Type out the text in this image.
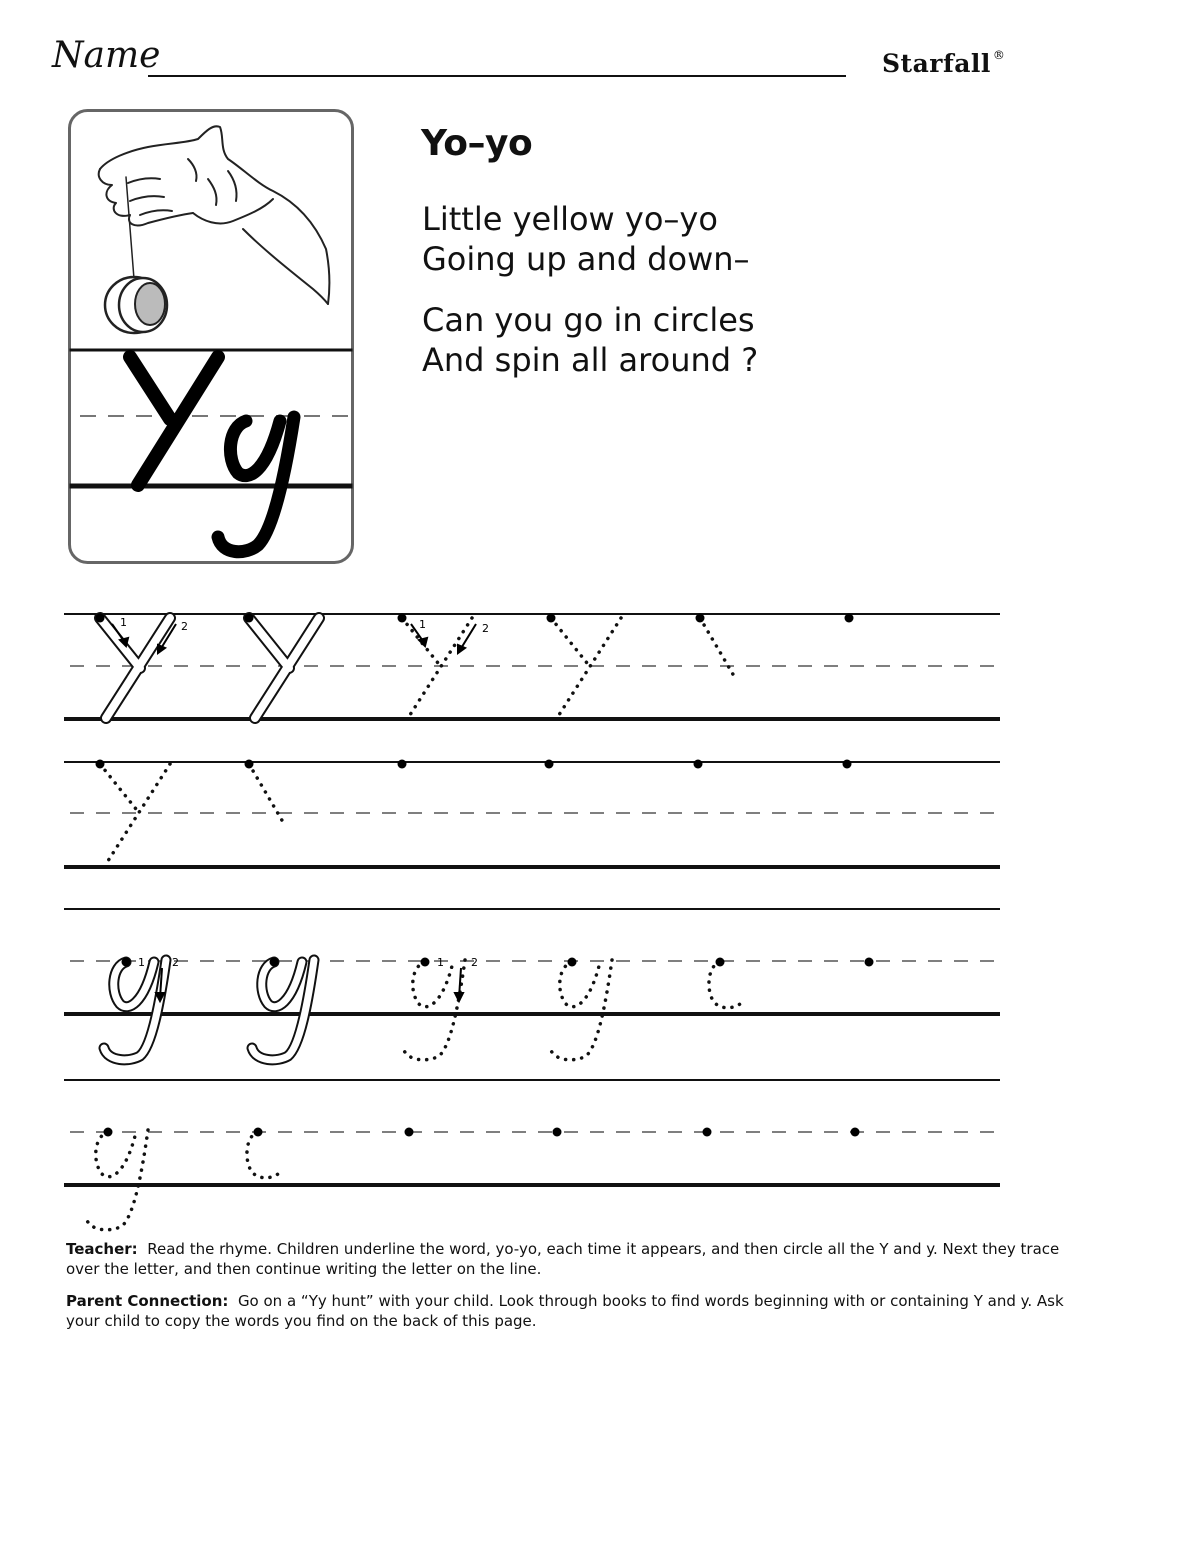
Name	Starfall ®
Yo–yo

Little yellow yo–yo
Going up and down–

Can you go in circles
And spin all around ?

1	2	1	2
1 2	1 2

Teacher: Read the rhyme. Children underline the word, yo-yo, each time it appears, and then circle all the Y and y. Next they trace over the letter, and then continue writing the letter on the line.

Parent Connection: Go on a “Yy hunt” with your child. Look through books to find words beginning with or containing Y and y. Ask your child to copy the words you find on the back of this page.
